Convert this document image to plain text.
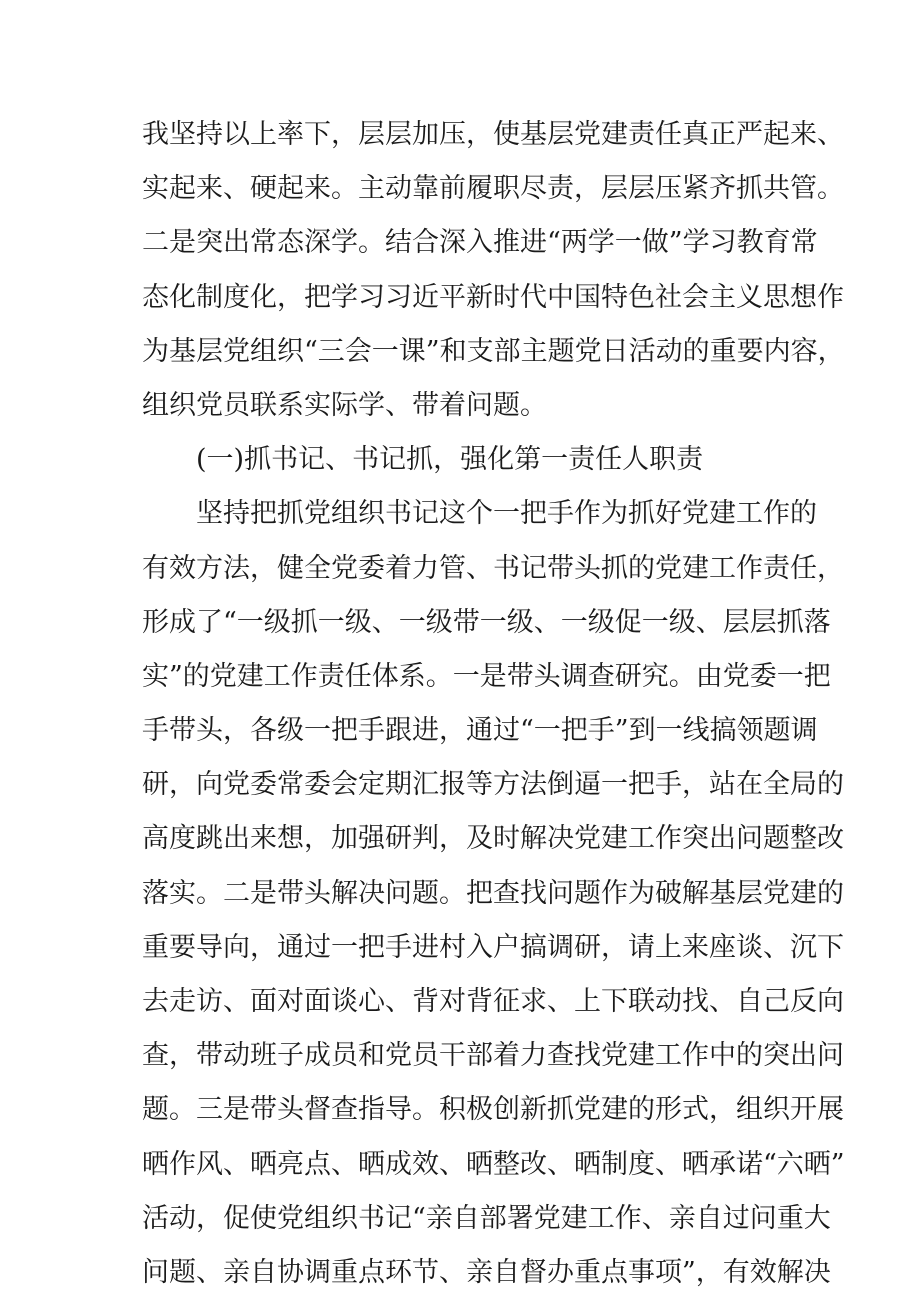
我坚持以上率下，层层加压，使基层党建责任真正严起来、
实起来、硬起来。主动靠前履职尽责，层层压紧齐抓共管。
二是突出常态深学。结合深入推进“两学一做”学习教育常
态化制度化，把学习习近平新时代中国特色社会主义思想作
为基层党组织“三会一课”和支部主题党日活动的重要内容，
组织党员联系实际学、带着问题。
(一)抓书记、书记抓，强化第一责任人职责
坚持把抓党组织书记这个一把手作为抓好党建工作的
有效方法，健全党委着力管、书记带头抓的党建工作责任，
形成了“一级抓一级、一级带一级、一级促一级、层层抓落
实”的党建工作责任体系。一是带头调查研究。由党委一把
手带头，各级一把手跟进，通过“一把手”到一线搞领题调
研，向党委常委会定期汇报等方法倒逼一把手，站在全局的
高度跳出来想，加强研判，及时解决党建工作突出问题整改
落实。二是带头解决问题。把查找问题作为破解基层党建的
重要导向，通过一把手进村入户搞调研，请上来座谈、沉下
去走访、面对面谈心、背对背征求、上下联动找、自己反向
查，带动班子成员和党员干部着力查找党建工作中的突出问
题。三是带头督查指导。积极创新抓党建的形式，组织开展
晒作风、晒亮点、晒成效、晒整改、晒制度、晒承诺“六晒”
活动，促使党组织书记“亲自部署党建工作、亲自过问重大
问题、亲自协调重点环节、亲自督办重点事项”，有效解决
